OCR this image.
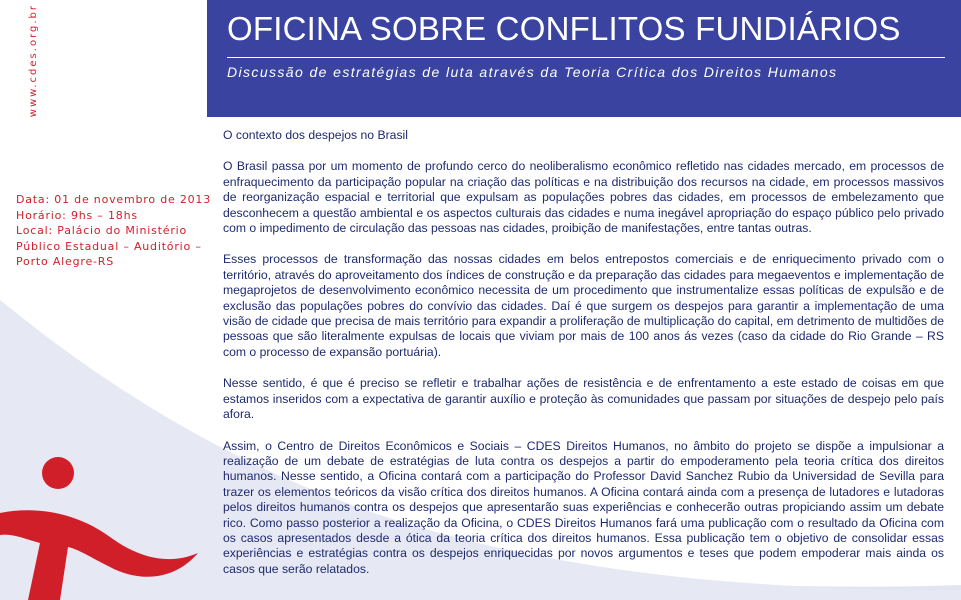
OFICINA SOBRE CONFLITOS FUNDIÁRIOS
Discussão de estratégias de luta através da Teoria Crítica dos Direitos Humanos
www.cdes.org.br
Data: 01 de novembro de 2013
Horário: 9hs – 18hs
Local: Palácio do Ministério
Público Estadual – Auditório –
Porto Alegre-RS
O contexto dos despejos no Brasil

O Brasil passa por um momento de profundo cerco do neoliberalismo econômico refletido nas cidades mercado, em processos de enfraquecimento da participação popular na criação das políticas e na distribuição dos recursos na cidade, em processos massivos de reorganização espacial e territorial que expulsam as populações pobres das cidades, em processos de embelezamento que desconhecem a questão ambiental e os aspectos culturais das cidades e numa inegável apropriação do espaço público pelo privado com o impedimento de circulação das pessoas nas cidades, proibição de manifestações, entre tantas outras.

Esses processos de transformação das nossas cidades em belos entrepostos comerciais e de enriquecimento privado com o território, através do aproveitamento dos índices de construção e da preparação das cidades para megaeventos e implementação de megaprojetos de desenvolvimento econômico necessita de um procedimento que instrumentalize essas políticas de expulsão e de exclusão das populações pobres do convívio das cidades. Daí é que surgem os despejos para garantir a implementação de uma visão de cidade que precisa de mais território para expandir a proliferação de multiplicação do capital, em detrimento de multidões de pessoas que são literalmente expulsas de locais que viviam por mais de 100 anos ás vezes (caso da cidade do Rio Grande – RS com o processo de expansão portuária).

Nesse sentido, é que é preciso se refletir e trabalhar ações de resistência e de enfrentamento a este estado de coisas em que estamos inseridos com a expectativa de garantir auxílio e proteção às comunidades que passam por situações de despejo pelo país afora.

Assim, o Centro de Direitos Econômicos e Sociais – CDES Direitos Humanos, no âmbito do projeto se dispõe a impulsionar a realização de um debate de estratégias de luta contra os despejos a partir do empoderamento pela teoria crítica dos direitos humanos. Nesse sentido, a Oficina contará com a participação do Professor David Sanchez Rubio da Universidad de Sevilla para trazer os elementos teóricos da visão crítica dos direitos humanos. A Oficina contará ainda com a presença de lutadores e lutadoras pelos direitos humanos contra os despejos que apresentarão suas experiências e conhecerão outras propiciando assim um debate rico. Como passo posterior a realização da Oficina, o CDES Direitos Humanos fará uma publicação com o resultado da Oficina com os casos apresentados desde a ótica da teoria crítica dos direitos humanos. Essa publicação tem o objetivo de consolidar essas experiências e estratégias contra os despejos enriquecidas por novos argumentos e teses que podem empoderar mais ainda os casos que serão relatados.
